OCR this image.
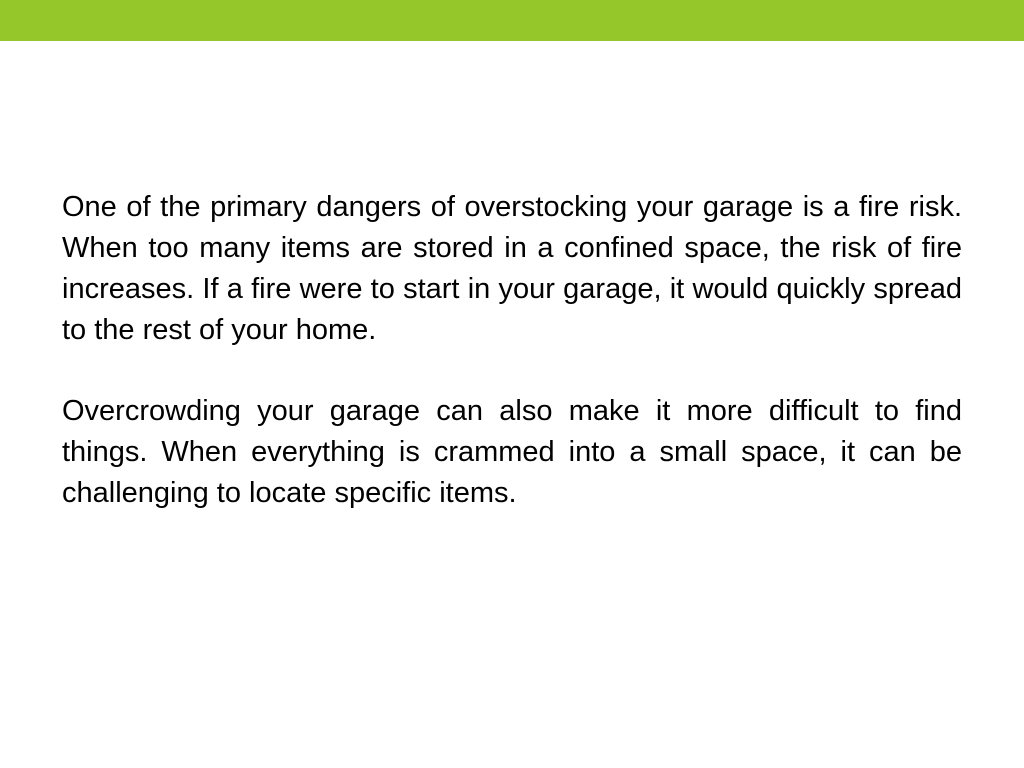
One of the primary dangers of overstocking your garage is a fire risk. When too many items are stored in a confined space, the risk of fire increases. If a fire were to start in your garage, it would quickly spread to the rest of your home.

Overcrowding your garage can also make it more difficult to find things. When everything is crammed into a small space, it can be challenging to locate specific items.
